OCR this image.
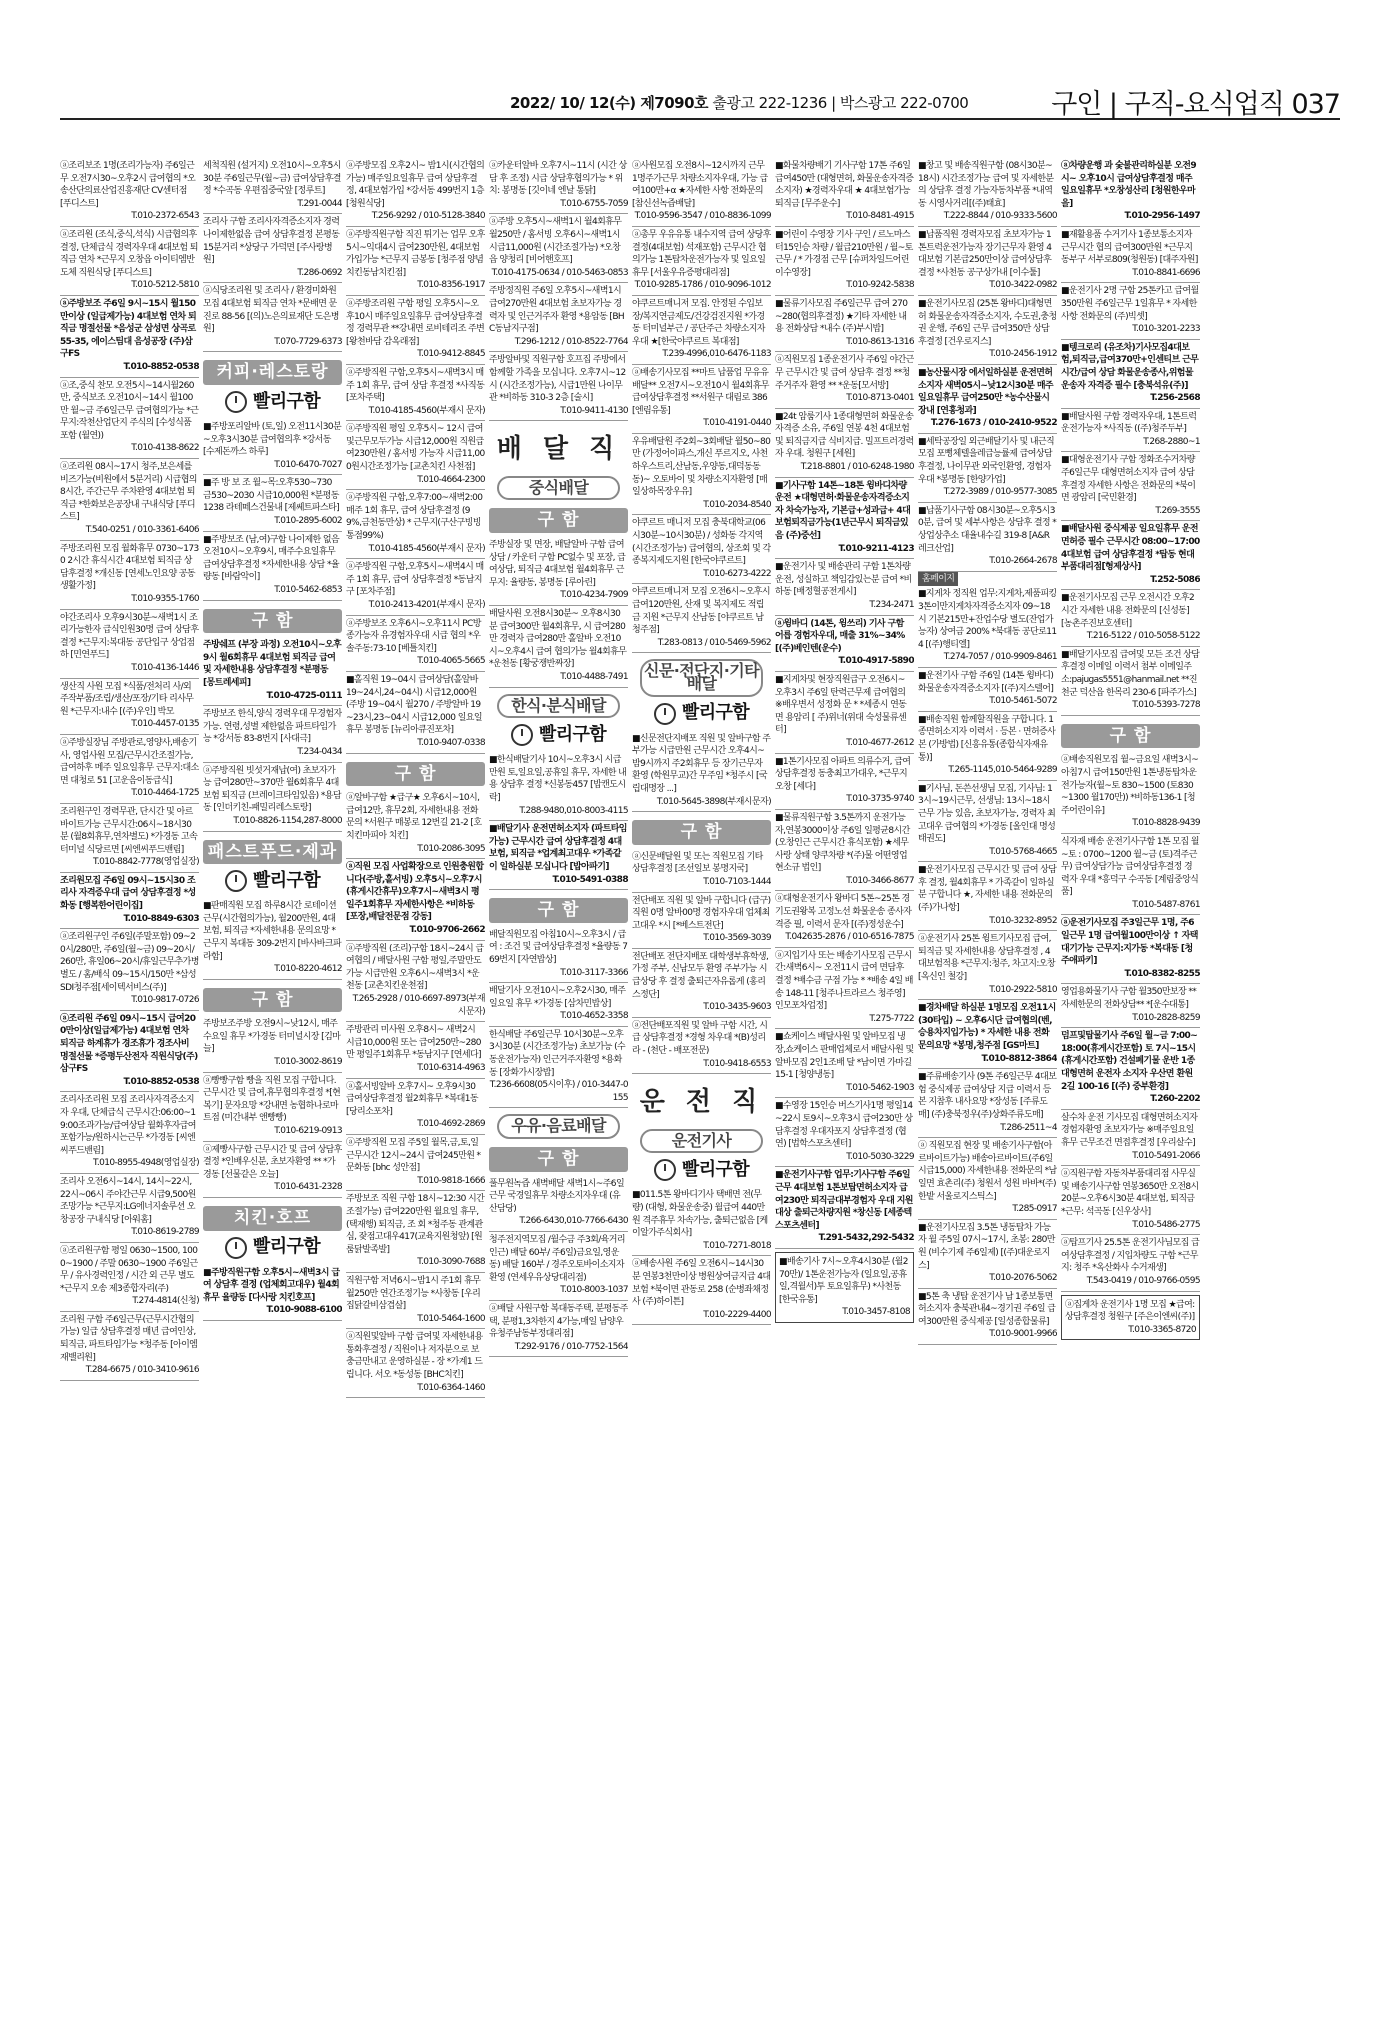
2022/ 10/ 12(수) 제7090호 출광고 222-1236 | 박스광고 222-0700	구인 | 구직-요식업직 037
ⓐ조리보조 1명(조리가능자) 주6일근무 오전7시30~오후2시 급여협의 *오송산단의료산업진흥재단 CV센터점 [푸디스트]
T.010-2372-6543
ⓐ조리원 (조식,중식,석식) 시급협의후결정, 단체급식 경력자우대 4대보험 퇴직금 연차 *근무지 오창읍 아이티엠반도체 직원식당 [푸디스트]
T.010-5212-5810
ⓐ주방보조 주6일 9시~15시 월150만이상 (일급제가능) 4대보험 연차 퇴직금 명절선물 *음성군 삼성면 상곡로 55-35, 에이스팀대 음성공장 (주)삼구FS
T.010-8852-0538
ⓐ조,중식 찬모 오전5시~14시월260만, 중식보조 오전10시~14시 월100만 월~금 주6일근무 급여협의가능 *근무지:작천산업단지 주식의 [수성식품포함 (월연))
T.010-4138-8622
ⓐ조리원 08시~17시 청주,보은세를비즈가능(비원에서 5분거리) 시급협의 8시간, 주간근무 주차완영 4대보험 퇴직금 *한화보은공장내 구내식당 [푸디스트]
T.540-0251 / 010-3361-6406
주방조리원 모집 월화휴무 0730~1730 2시간 휴식시간 4대보험 퇴직금 상담후결정 *개신동 [연세노인요양 공동생활가정]
T.010-9355-1760
야간조리사 오후9시30분~새벽1시 조리가능한자 급식인원30명 급여 상담후 결정 *근무지:복대동 공단입구 상업점하 [민연푸드]
T.010-4136-1446
생산직 사원 모집 *식품/전처리 사/외주작부품/조립/생산/포장/기타 리사무원 *근무지:내수 [(주)우인] 박모
T.010-4457-0135
ⓐ주방실장님 주방관로,영양사,배송기사, 영업사원 모집/근무시간조절가능, 급여하후 메주 일요일휴무 근무지:대소면 대청로 51 [고운음이동급식]
T.010-4464-1725
조리원구인 경력무관, 단시간 및 아르바이트가능 근무시간:06시~18시30분 (월8회휴무,연차별도) *가경동 고속터미널 식당르면 [씨엔씨푸드밴림]
T.010-8842-7778(영업실장)
조리원모집 주6일 09시~15시30 조리사 자격증우대 급여 상담후결정 *성화동 [행복한어린이집]
T.010-8849-6303
ⓐ조리원구인 주6일(주말포함) 09~20시/280만, 주6일(월~금) 09~20시/260만, 휴일06~20시/휴일근무추가병별도 / 홈/배식 09~15시/150만 *삼성SDI청주점[세이텍서비스(주)]
T.010-9817-0726
ⓐ조리원 주6일 09시~15시 급여200만이상(일급제가능) 4대보험 연차 퇴직금 하계휴가 경조휴가 경조사비 명절선물 *증평두산전자 직원식당(주)삼구FS
T.010-8852-0538
조리사조리원 모집 조리사자격증소지자 우대, 단체급식 근무시간:06:00~19:00조과가능/급여상담 월화후자급여포함가능/원하시는근무 *가경동 [씨엔씨푸드밴림]
T.010-8955-4948(영업실장)
조리사 오전6시~14시, 14시~22시, 22시~06시 주야간근무 시급9,500원 조망가능 *근무지:LG에너지솔루션 오창공장 구내식당 [아워홈]
T.010-8619-2789
ⓐ조리원구함 평일 0630~1500, 1000~1900 / 주말 0630~1900 주6일근무 / 유사경력인정 / 시간 외 근무 별도 *근무지 오송 제3종합자리(주)
T.274-4814(신청)
조리원 구함 주6일근무(근무시간협의가능) 일급 상담후결정 매년 급여인상, 퇴직금, 파트타임가능 *청주동 [아이엠재밸리원]
T.284-6675 / 010-3410-9616
세척직원 (설거지) 오전10시~오후5시30분 주6일근무(월~금) 급여상담후결정 *수곡동 우편집중국앞 [정루트]
T.291-0044
조리사 구함 조리사자격증소지자 경력 나이제한없음 급여 상담후결정 본평동 15분거리 *상당구 가덕면 [주사랑병원]
T.286-0692
ⓐ식당조리원 및 조리사 / 환경미화원 모집 4대보험 퇴직금 연차 *문배면 문진로 88-56 [(의)노은의료재단 도은병원]
T.070-7729-6373
커피·레스토랑
빨리구함
■주방포리알바 (토,일) 오전11시30분~오후3시30분 급여협의후 *강서동 [수제돈까스 하루]
T.010-6470-7027
■주 방 보 조 월~목:오후530~730 금530~2030 시급10,000원 *분평동1238 라테떼스건물내 [제쎄트파스타]
T.010-2895-6002
■주방보조 (남,여)구함 나이제한 없음 오전10시~오후9시, 매주수요일휴무 급여상담후결정 *자세한내용 상담 *율량동 [바람악이]
T.010-5462-6853
구 함
주방쉐프 (부장 과정) 오전10시~오후9시 월6회휴무 4대보험 퇴직금 급여및 자세한내용 상담후결정 *분평동 [몽트레세피]
T.010-4725-0111
주방보조 한식,양식 경력우대 무경험자가능. 연령,성별 제한없음 파트타임가능 *강서동 83-8번지 [사대극]
T.234-0434
ⓐ주방직원 빗섯거재납(여) 초보자가능 급여280만~370만 월6회휴무 4대보험 퇴직금 (브레이크타임있음) *용담동 [인더키친-패밀리레스토랑]
T.010-8826-1154,287-8000
패스트푸드·제과
빨리구함
■판매직원 모집 하루8시간 로테이션근무(시간협의가능), 월200만원, 4대보험, 퇴직금 *자세한내용 문의요망 *근무지 복대동 309-2번지 [바사바크파라함]
T.010-8220-4612
구 함
주방보조주방 오전9시~낮12시, 매주 수요일 휴무 *가경동 터미널시장 [김마늘]
T.010-3002-8619
ⓐ빵빵구함 빵을 직원 모집 구합니다. 근무시간 및 급여,휴무협의후결정 *[현복기] 문자요망 *강내면 농협하나로마트점 (미간내부 앤빵빵)
T.010-6219-0913
ⓐ제빵사구함 근무시간 및 급여 상담후 결정 *인배우신분, 초보자환영 ** *가경동 [선물같은 오늘]
T.010-6431-2328
치킨·호프
빨리구함
■주방직원구함 오후5시~새벽3시 급여 상담후 결정 (업체회고대우) 월4회휴무 율량동 [다사랑 치킨호프]
T.010-9088-6100
ⓐ주방모집 오후2시~ 밤1시(시간협의가능) 매주일요일휴무 급여 상담후결정, 4대보험가입 *강서동 499번지 1층 [청원식당]
T.256-9292 / 010-5128-3840
ⓐ주방직원구함 직진 튀기는 업무 오후5시~익대4시 급여230만원, 4대보험 가입가능 *근무지 금봉동 [청주점 양념치킨동남치킨점]
T.010-8356-1917
ⓐ주방조리원 구함 평일 오후5시~오후10시 매주일요일휴무 급여상담후결정 경력무관 **강내면 로비테리조 주변 [왕천바담 감옥래점]
T.010-9412-8845
ⓐ주방직원 구함,오후5시~새벽3시 매주 1회 휴무, 급여 상담 후결정 *사직동 [포차주택]
T.010-4185-4560(부재시 문자)
ⓐ주방직원 평일 오후5시~ 12시 급여및근무모두가능 시급12,000원 직원급여230만원 / 홈서빙 가능자 시급11,000원시간조정가능 [교촌치킨 사천점]
T.010-4664-2300
ⓐ주방직원 구함,오후7:00~새벽2:00 매주 1회 휴무, 급여 상담후결정 (99%,금천동만상) * 근무지(구산구빙빙통점99%)
T.010-4185-4560(부재시 문자)
ⓐ주방직원 구함,오후5시~새벽4시 매주 1회 휴무, 급여 상담후결정 *동남지구 [포차주점]
T.010-2413-4201(부재시 문자)
ⓐ주방보조 오후6시~오후11시 PC방종가능자 유경험자우대 시급 협의 *우솔주동:73-10 [베틀치킨]
T.010-4065-5665
■홀직원 19~04시 급여상담(홀알바 19~24시,24~04시) 시급12,000원 (주방 19~04시 월270 / 주방알바 19~23시,23~04시 시급12,000 일요일휴무 봉명동 [뉴리아큐진포차]
T.010-9407-0338
구 함
ⓐ알바구함 ★급구★ 오후6시~10시, 급여12만, 휴무2회, 자세한내용 전화문의 *서원구 매봉로 12번길 21-2 [호치킨마피아 치킨]
T.010-2086-3095
ⓐ직원 모집 사업확장으로 인원충원합니다(주방,홀서빙) 오후5시~오후7시(휴게시간휴무)오후7시~새벽3시 평일주1회휴무 자세한사항은 *비하동 [포장,배달전문점 강동]
T.010-9706-2662
ⓐ주방직원 (조리)구함 18시~24시 급여협의 / 배달사원 구함 평일,주말만도 가능 시급만원 오후6시~새벽3시 *운천동 [교촌치킨운천점]
T.265-2928 / 010-6697-8973(부재시문자)
주방관리 미사원 오후8시~ 새벽2시 시급10,000원 또는 급여250만~280만 평일주1회휴무 *동남지구 [연세다]
T.010-6314-4963
ⓐ홀서빙알바 오후7시~ 오후9시30 급여상담후결정 월2회휴무 *복대1동 [당리소포차]
T.010-4692-2869
ⓐ주방직원 모집 주5일 월목,금,토,일 근무시간 12시~24시 급여245만원 *문화동 [bhc 성안점]
T.010-9818-1666
주방보조 직원 구함 18시~12:30 시간조절가능) 급여220만원 월요일 휴무,(택재행) 퇴직금, 조 회 *청주동 관계관심, 잦점고대우417(교육지원청앞) [원룸닭발족발]
T.010-3090-7688
직원구함 저녁6시~밤1시 주1회 휴무 월250만 연간조정기능 *사창동 [우리집닭갈비삼겹살]
T.010-5464-1600
ⓐ직원및알바 구함 급여및 자세한내용 통화후결정 / 직원이나 저자분으로 보충금만내고 운영하실분 - 장 *가계1 드립니다. 서오 *동성동 [BHC치킨]
T.010-6364-1460
ⓐ카운터알바 오후7시~11시 (시간 상담 후 조정) 시급 상담후협의가능 * 위치: 봉명동 [깃이네 엔날 통닭]
T.010-6755-7059
ⓐ주방 오후5시~새벽1시 월4회휴무 월250만 / 홈서빙 오후6시~새벽1시 시급11,000원 (시간조절가능) *오창읍 양청리 [비어핸호프]
T.010-4175-0634 / 010-5463-0853
주방정직원 주6일 오후5시~새벽1시 급여270만원 4대보험 초보자가능 경력자 및 인근거주자 환영 *용암동 [BHC동남지구점]
T.296-1212 / 010-8522-7764
주방알바및 직원구함 호프집 주방에서 함께할 가족을 모십니다. 오후7시~12시 (시간조정가능), 시급1만원 나이무관 *비하동 310-3 2층 [술시]
T.010-9411-4130
배 달 직
중식배달
구 함
주방실장 및 면장, 배달알바 구함 급여상담 / 카운터 구함 PC없수 및 포장, 급여상담, 퇴직금 4대보험 월4회휴무 근무지: 율량동, 봉명동 [루아린]
T.010-4234-7909
배달사원 오전8시30분~ 오후8시30분 급여300만 월4회휴무, 시 급여280만 경력자 급여280만 홀알바 오전10시~오후4시 급여 협의가능 월4회휴무 *운천동 [황궁쟁반짜장]
T.010-4488-7491
한식·분식배달
빨리구함
■한식배달기사 10시~오후3시 시급만원 토,일요일,공휴일 휴무, 자세한 내용 상담후 결정 *신봉동457 [밥캔도시락]
T.288-9480,010-8003-4115
■배달기사 운전면허소지자 (파트타임가능) 근무시간 급여 상담후결정 4대보험, 퇴직금 *업계최고대우 *가족같이 일하실분 모십니다 [밥아파기]
T.010-5491-0388
구 함
배달직원모집 아침10시~오후3시 / 급여 : 조건 및 급여상담후결정 *율량동 769번지 [자연밥상]
T.010-3117-3366
배달기사 오전10시~오후2시30, 매주 일요일 휴무 *가경동 [삼차민밥상]
T.010-4652-3358
한식배달 주6일근무 10시30분~오후3시30분 (시간조정가능) 초보가능 (수동운전가능자) 인근거주자환영 *용화동 [장화가시장밥]
T.236-6608(05시이후) / 010-3447-0155
우유·음료배달
구 함
풀무원녹즙 새벽배달 새벽1시~주6일근무 국경일휴무 차량소지자우대 (유산담당)
T.266-6430,010-7766-6430
청주전지역모집 /월수금 주3회/육거리인근) 배달 60부/ 주6일)금요일,영운동) 배달 160부 / 경주오토바이소지자 환영 (연세우유상당대리점)
T.010-8003-1037
ⓐ배달 사원구함 복대동주택, 분평동주택, 분평1,3차한지 4가능,매일 남양우유청주남동부정대리점]
T.292-9176 / 010-7752-1564
ⓐ사원모집 오전8시~12시까지 근무 1명주가근무 차량소지자우대, 가능 급여100만+α ★자세한 사항 전화문의 [참신선녹즙배달]
T.010-9596-3547 / 010-8836-1099
ⓐ총무 우유유통 내수지역 급여 상당후결정(4대보험) 석재포함) 근무시간 협의가능 1톤탑차운전가능자 및 일요일휴무 [서울우유증평대리점]
T.010-9285-1786 / 010-9096-1012
야쿠르트매니저 모집. 안정된 수입보장/복지연금제도/건강검진지원 *가경동 터미널부근 / 공단주근 차량소지자 우대 ★[한국야쿠르트 복대점]
T.239-4996,010-6476-1183
ⓐ배송기사모집 **마트 납품업 무유유배달** 오전7시~오전10시 월4회휴무 급여상담후결정 **서원구 대림로 386 [엔림유통]
T.010-4191-0440
우유배달원 주2회~3회배달 월50~80만 (가정어이파스,개신 푸르지오, 사천 하우스트리,산남동,우양동,대덕동동동)~ 오토바이 및 차량소지자환영 [매일상하목장우유]
T.010-2034-8540
야쿠르트 매니저 모집 충북대학교(06시30분~10시30분) / 성화동 각지역 (시간조정가능) 급여협의, 상조회 및 각종복지제도지원 [한국야쿠르트]
T.010-6273-4222
야쿠르트매니저 모집 오전6시~오후시 급여120만원, 산재 및 복지제도 적립금 지원 *근무지 산남동 [야쿠르트 남청주점]
T.283-0813 / 010-5469-5962
신문·전단지·기타배달
빨리구함
■신문전단지배포 직원 및 알바구함 주부가능 시급만원 근무시간 오후4시~밤9시까지 주2회휴무 등 장기근무자 환영 (학원무교)간 무주임 *청주시 [국립대명장 ...]
T.010-5645-3898(부재시문자)
구 함
ⓐ신문배달원 및 또는 직원모집 기타 상담후결정 [조선일보 봉명지국]
T.010-7103-1444
전단배포 직원 및 알바 구합니다 (급구) 직원 0명 알바00명 경험자우대 업체최고대우 *시 [*베스트전단]
T.010-3569-3039
전단배포 전단지배포 대학생부휴학생, 가정 주부, 신남모두 환영 주부가능 시급상당 후 결정 출퇴근자유롭게 (홍리스정단]
T.010-3435-9603
ⓐ전단배포직원 및 알바 구함 시간, 시급 상담후결정 *경형 차우대 *(B)성리라 - (천단 - 배포전문)
T.010-9418-6553
운 전 직
운전기사
빨리구함
■011.5톤 왕바디기사 택배면 전(무량) (대형, 화물운송중) 월급여 440만원 격주휴무 차속가능, 출퇴근없음 [케이알가주식회사]
T.010-7271-8018
ⓐ배송사원 주6일 오전6시~14시30분 연봉3천만이상 병원상여금지급 4대보험 *북이면 관동로 258 (순병좌채정사 (주)하이튼]
T.010-2229-4400
■화물차량배기 기사구함 17톤 주6일 급여450만 (대형면허, 화물운송자격증소지자) ★경력자우대 ★ 4대보험가능 퇴직금 [무주운수]
T.010-8481-4915
■어린이 수영장 기사 구인 / 르노마스터15인승 차량 / 월급210만원 / 월~토 근무 / * 가경점 근무 [슈퍼차일드어린이수영장]
T.010-9242-5838
■물류기사모집 주6일근무 급여 270~280(협의후결정) ★기타 자세한 내용 전화상담 *내수 (주)부시밥]
T.010-8613-1316
ⓐ직원모집 1종운전기사 주6일 야간근무 근무시간 및 급여 상담후 결정 **청주거주자 환영 ** *운동[모서방]
T.010-8713-0401
■24t 암룸기사 1종대형면허 화물운송자격증 소유, 주6일 연봉 4천 4대보험 및 퇴직금지급 식비지급. 밀프트러경력자 우대. 청원구 [세원]
T.218-8801 / 010-6248-1980
■기사구함 14톤~18톤 윙바디차량운전 ★대형면허·화물운송자격증소지자 차숙가능자, 기본급+성과급+ 4대보험퇴직금가능(1년근무시 퇴직금있음 (주)중선]
T.010-9211-4123
■운전기사 및 배송관리 구함 1톤차량운전, 성실하고 책임감있는분 급여 *비하동 [배정혈공전게시]
T.234-2471
ⓐ윙바디 (14톤, 윙쓰리) 기사 구함 어릅 경험자우대, 매출 31%~34% [(주)베인텐(운수)
T.010-4917-5890
■지게차및 현장직원급구 오전6시~ 오후3시 주6일 탄력근무제 급여협의 ※배우변서 성정화 문 * *세종시 연동면 용암리 [ 주)위너(위대 숙성물류센터]
T.010-4677-2612
■1톤기사모집 아파트 의류수거, 급여 상담후결정 동충최고가대우, *근무지 오창 [세다]
T.010-3735-9740
■물류직원구함 3.5톤까지 운전가능자,연봉3000이상 주6일 일평균8시간 (오창인근 근무시간 휴식포함) ★세무사랑 상태 양쿠차량 *(주)물 어떤영업현소규 법인]
T.010-3466-8677
ⓐ대형운전기사 왕바디 5톤~25톤 경기도권왕복 고정노선 화물운송 종사자격증 필, 이력서 문자 [(주)정성운수]
T.042635-2876 / 010-6516-7875
ⓐ지입기사 또는 배송기사모집 근무시간:새벽6시~ 오전11시 급여 면담후 결정 *배수금 구점 가능 * *배송 4일 배송 148-11 [청주나트라르스 청주영] 인모포차업정]
T.275-7722
■쇼케이스 배달사원 및 알바모집 냉장,쇼케이스 판매업체로서 배달사원 및 알바모집 2인1조배 달 *남이면 가마길15-1 [청양냉동]
T.010-5462-1903
■수영장 15인승 버스기사1명 평일14~22시 토9시~오후3시 급여230만 상담후결정 우대자포지 상담후결정 (협연) [법학스포츠센터]
T.010-5030-3229
■운전기사구함 업무:기사구함 주6일 근무 4대보험 1톤보탑면허소지자 급여230만 퇴직금대부경험자 우대 지원대상 출퇴근차량지원 *창신동 [세종텍스포츠센터]
T.291-5432,292-5432
■배송기사 7시~오후4시30분 (월270만)/ 1톤운전가능자 (일요일,공휴일,격월서)투 토요일휴무) *사천동 [한국유통]
T.010-3457-8108
■창고 및 배송직원구함 (08시30분~18시) 시간조정가능 급여 및 자세한분의 상담후 결정 가능자동차부품 *내역동 시영사거리[(주)태효]
T.222-8844 / 010-9333-5600
■납품직원 경력자모집 초보자가능 1톤트럭운전가능자 장기근무자 환영 4대보험 기본급250만이상 급여상담후결정 *사천동 공구상가내 [이수툴]
T.010-3422-0982
■운전기사모집 (25톤 왕바디)대형면허 화물운송자격증소지자, 수도권,충청권 운행, 주6일 근무 급여350만 상담후결정 [건우로지스]
T.010-2456-1912
■농산물시장 에서일하실분 운전면허소지자 새벽05시~낮12시30분 매주일요일휴무 급여250만 *농수산물시장내 [연홍청과]
T.276-1673 / 010-2410-9522
■세탁공장일 외근배달기사 및 내근직모집 포뻥체텔을레급능률제 급여상담후결정, 나이무관 외국인환영, 경험자우대 *봉명동 [한양가업]
T.272-3989 / 010-9577-3085
■납품기사구함 08시30분~오후5시30분, 급여 및 세부사항은 상담후 결정 *상업상추소 대율내수길 319-8 [A&R레크산업]
T.010-2664-2678
홈페이지
■지게차 정직원 업무:지게차,제품피킹3톤이만지게차자격증소지자 09~18시 기본215만+잔업수당 별도(잔업가능자) 상여금 200% *북대동 공단로114 [(주)행티엘]
T.274-7057 / 010-9909-8461
■운전기사 구함 주6일 (14톤 윙바디) 화물운송자격증소지자 [(주)지스텔어]
T.010-5461-5072
■배송직원 함께할직원을 구합니다. 1종면허소지자 이력서 · 등본 · 면허증사본 (가방법) [신흥유통(종합식자재유통)]
T.265-1145,010-5464-9289
■기사님, 돈쓴선생님 모집, 기사님: 13시~19시근무, 선생님: 13시~18시근무 가능 있음, 초보자가능, 경력자 최고대우 급여협의 *가경동 [올인대 명성태권도]
T.010-5768-4665
■운전기사모집 근무시간 및 급여 상담후 결정, 월4회휴무 * 가족같이 일하실분 구합니다 ★, 자세한 내용 전화문의 (주)가나항]
T.010-3232-8952
ⓐ운전기사 25톤 윙트기사모집 급여,퇴직금 및 자세한내용 상담후결정 , 4대보험적용 *근무지:청주, 차고지:오창 [옥신인 철강]
T.010-2922-5810
■경차배달 하실분 1명모집 오전11시(30타입) ~ 오후6시단 급여협의(벤,승용차지입가능) * 자세한 내용 전화문의요망 *봉명,청주점 [GS마트]
T.010-8812-3864
■주류배송기사 (9톤 주6일근무 4대보험 중식제공 급여상담 지급 이력서 등본 지참후 내사요망 *장성동 [주류도매] (주)충북정우(주)상화주류도매]
T.286-2511~4
ⓐ 직원모집 현장 및 배송기사구함(아르바이트가능) 배송아르바이트(주6일 시급15,000) 자세한내용 전화문의 *남일면 효촌리(주) 청원서 성원 바바*(주)한밭 서울로지스틱스]
T.285-0917
■운전기사모집 3.5톤 냉동탑차 가능자 월 주5일 07시~17시, 초봉: 280만원 (비수기제 주6일제) [(주)대운로지스]
T.010-2076-5062
■5톤 축 냉탑 운전기사 남 1종보통면허소지자 충북관내4~경기권 주6일 급여300만원 중식제공 [일성종합물류]
T.010-9001-9966
ⓐ차량운행 과 숯불관리하실분 오전9시~ 오후10시 급여상담후결정 매주일요일휴무 *오창성산리 [청원한우마을]
T.010-2956-1497
■재활용품 수거기사 1종보통소지자 근무시간 협의 급여300만원 *근무지 동부구 서부로809(청원동) [대주자원]
T.010-8841-6696
■운전기사 2명 구함 25톤카고 급여월350만원 주6일근무 1일휴무 * 자세한사항 전화문의 (주)빅셋]
T.010-3201-2233
■텡크로리 (유조차)기사모집4대보험,퇴직금,급여370만+인센티브 근무시간/급여 상담 화물운송종사,위험물운송자 자격증 필수 [충북석유(주)]
T.256-2568
■배달사원 구함 경력자우대, 1톤트럭운전가능자 *사직동 ((주)청주두부]
T.268-2880~1
■대형운전기사 구함 정화조수거차량 주6일근무 대형면허소지자 급여 상담후결정 자세한 사항은 전화문의 *북이면 광암리 [국민환경]
T.269-3555
■배달사원 중식제공 일요일휴무 운전면허증 필수 근무시간 08:00~17:00 4대보험 급여 상담후결정 *탑동 현대부품대리점[형제상사]
T.252-5086
■운전기사모집 근무 오전시간 오후2시간 자세한 내용 전화문의 [신성동] [농촌주진보호센터]
T.216-5122 / 010-5058-5122
■배달기사모집 급여및 모든 조건 상담후결정 이메일 이력서 첨부 이메일주소:pajugas5551@hanmail.net **진천군 덕산읍 한목리 230-6 [파주가스]
T.010-5393-7278
구 함
ⓐ배송직원모집 월~금요일 새벽3시~아침7시 급여150만원 1톤냉동탑차운전가능자(월~토 830~1500 (토830~1300 월170만)) *비하동136-1 [청주어린이유]
T.010-8828-9439
식자재 배송 운전기사구함 1톤 모집 월~토 : 0700~1200 월~금 (토)격주근무) 급여상담가능 급여상담후결정 경력자 우대 *흥덕구 수곡동 [계림중앙식품]
T.010-5487-8761
ⓐ운전기사모집 주3일근무 1명, 주6일근무 1명 급여월100만이상 ↑ 자택대기가능 근무지:지가동 *복대동 [청주애파키]
T.010-8382-8255
영업용화물기사 구함 월350만보장 **자세한문의 전화상담** *[운수대통]
T.010-2828-8259
덤프및탑물기사 주6일 월~금 7:00~18:00(휴게시간포함) 토 7시~15시(휴게시간포함) 건설폐기물 운반 1종대형면허 운전자 소지자 우산면 환원 2길 100-16 [(주) 중부환경]
T.260-2202
살수차 운전 기사모집 대형면허소지자 경험자환영 초보자가능 ※매주일요일휴무 근무조건 면접후결정 [우리살수]
T.010-5491-2066
ⓐ직원구함 자동차부품대리점 사무실 및 배송기사구함 연봉3650만 오전8시20분~오후6시30분 4대보험, 퇴직금 *근무: 석곡동 [신우상사]
T.010-5486-2775
ⓐ탑프기사 25.5톤 운전기사님모집 급여상담후결정 / 지입차량도 구함 *근무지: 청주 *옥산화사 수거재생]
T.543-0419 / 010-9766-0595
ⓐ집게차 운전기사 1명 모집 ★급여:상담후결정 청원구 [주은이엔씨(주)]
T.010-3365-8720
